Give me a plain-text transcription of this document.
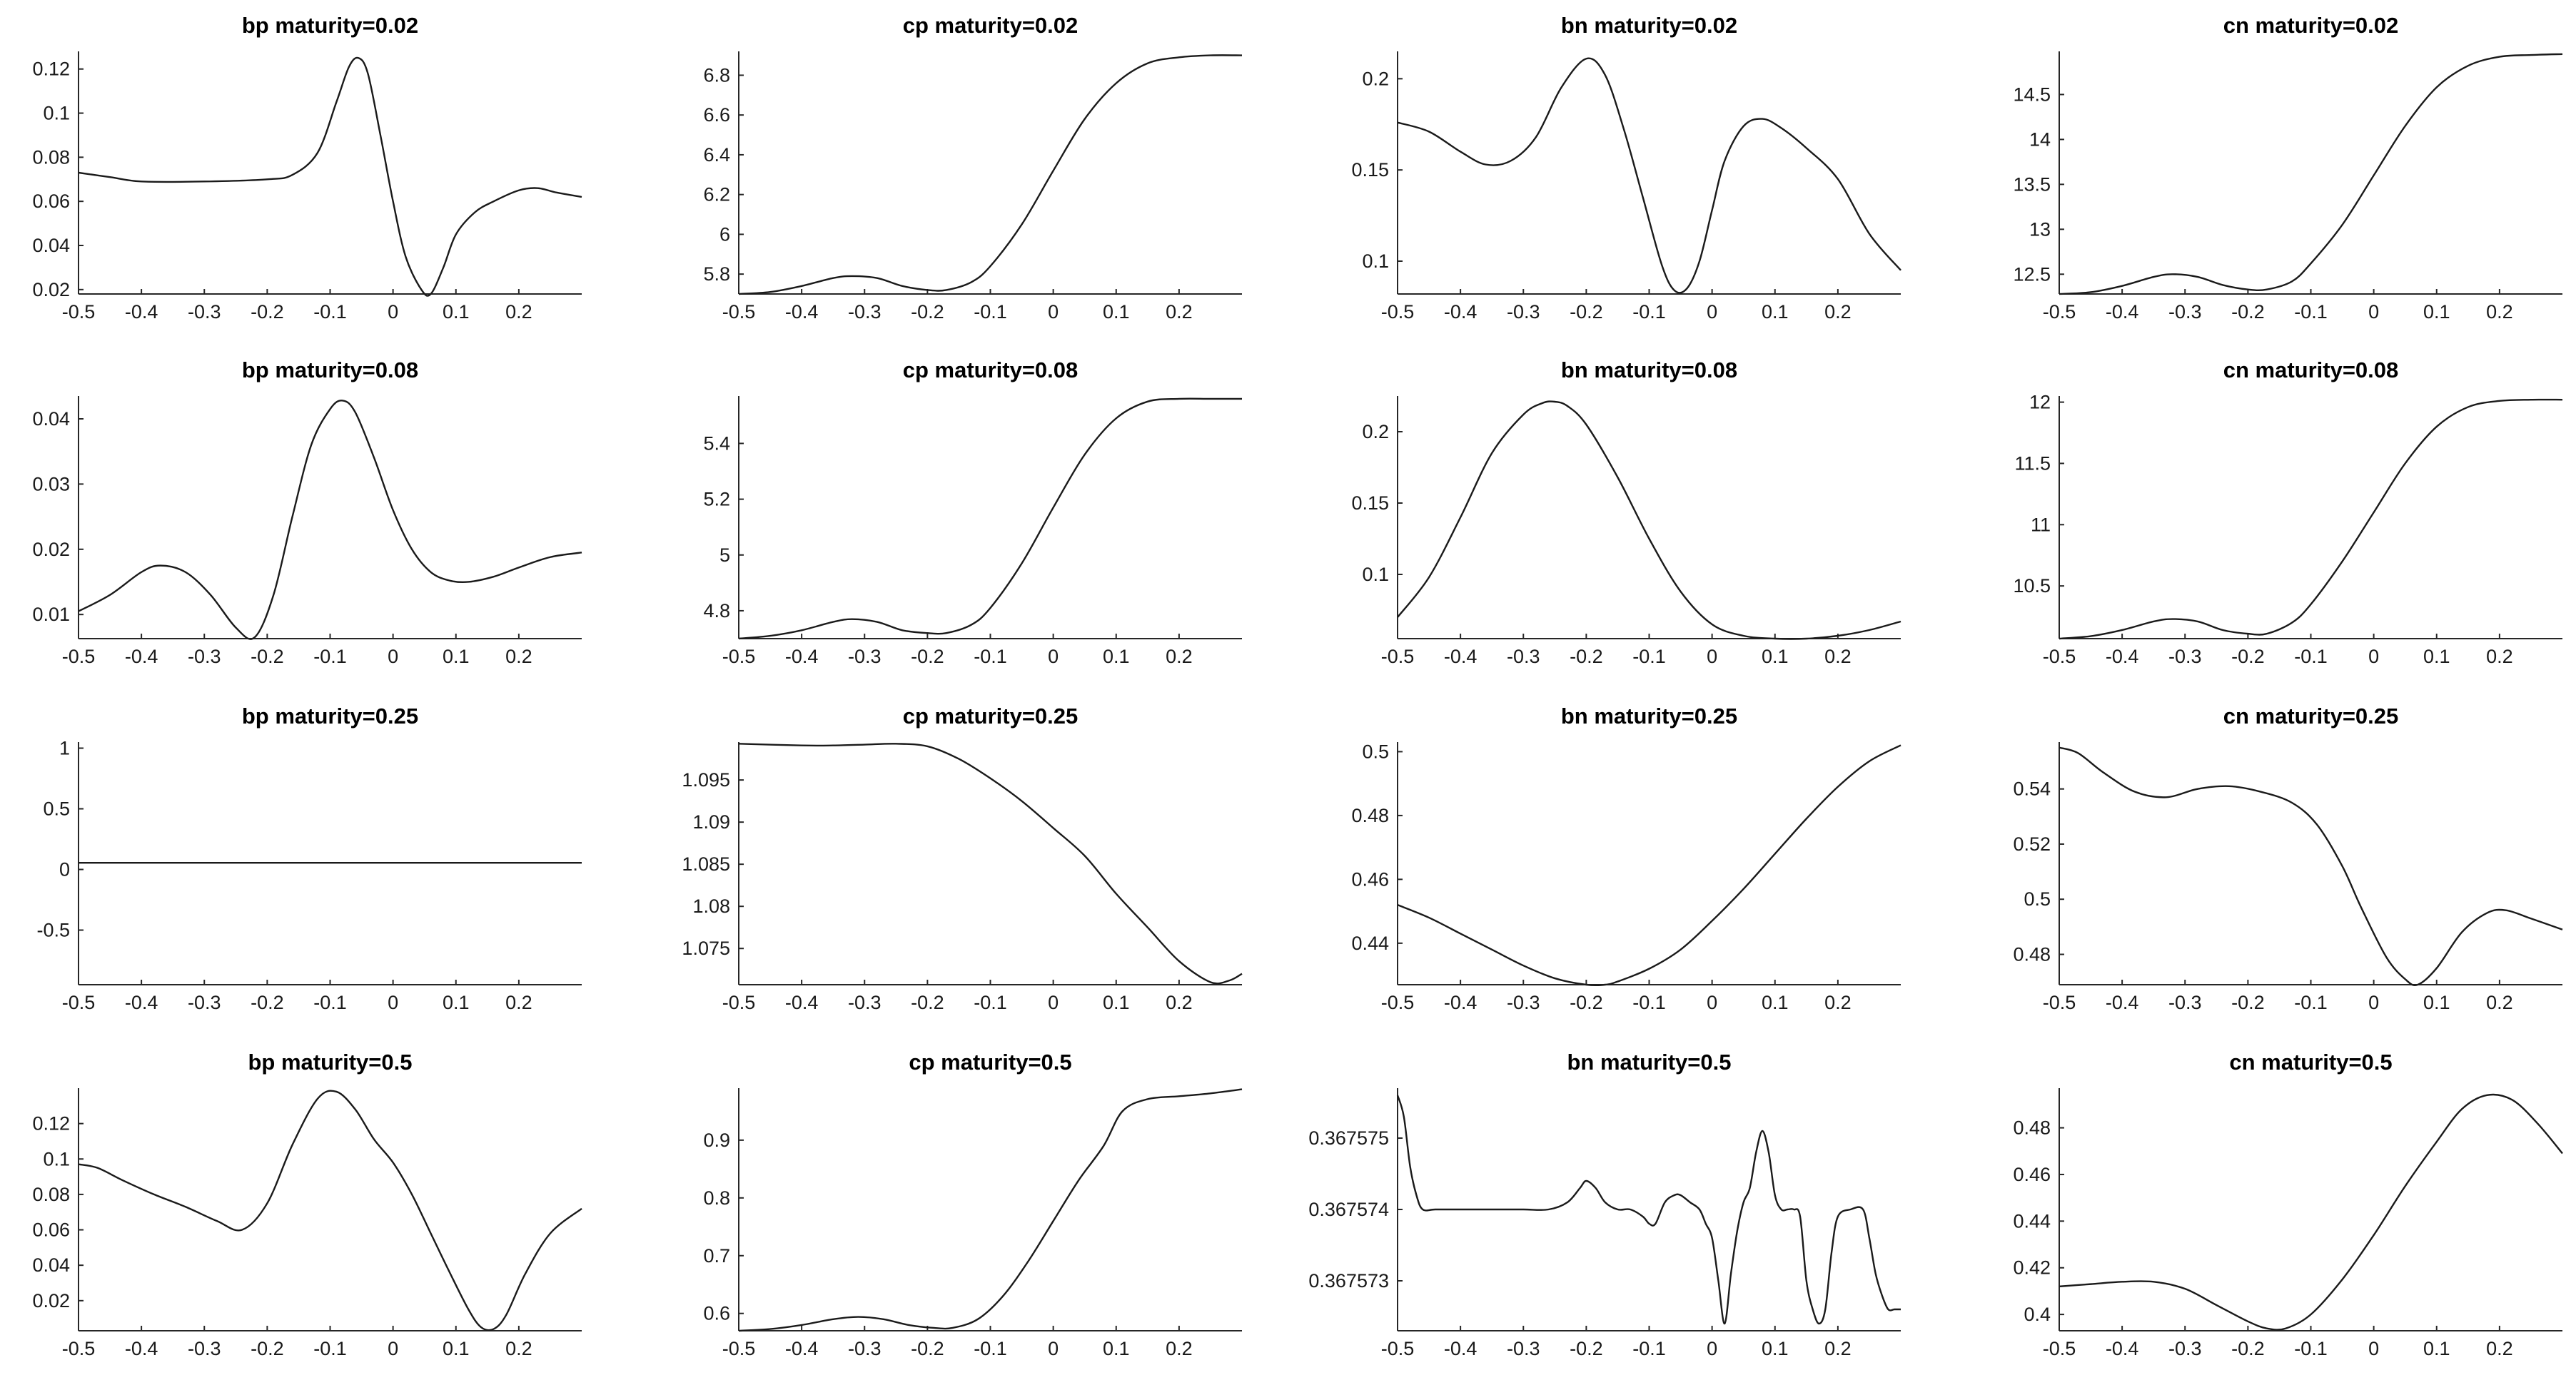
bp maturity=0.02
-0.5 -0.4 -0.3 -0.2 -0.1 0 0.1 0.2
0.02
0.04
0.06
0.08
0.1
0.12
cp maturity=0.02
-0.5 -0.4 -0.3 -0.2 -0.1 0 0.1 0.2
5.8
6
6.2
6.4
6.6
6.8
bn maturity=0.02
-0.5 -0.4 -0.3 -0.2 -0.1 0 0.1 0.2
0.1
0.15
0.2
cn maturity=0.02
-0.5 -0.4 -0.3 -0.2 -0.1 0 0.1 0.2
12.5
13
13.5
14
14.5
bp maturity=0.08
-0.5 -0.4 -0.3 -0.2 -0.1 0 0.1 0.2
0.01
0.02
0.03
0.04
cp maturity=0.08
-0.5 -0.4 -0.3 -0.2 -0.1 0 0.1 0.2
4.8
5
5.2
5.4
bn maturity=0.08
-0.5 -0.4 -0.3 -0.2 -0.1 0 0.1 0.2
0.1
0.15
0.2
cn maturity=0.08
-0.5 -0.4 -0.3 -0.2 -0.1 0 0.1 0.2
10.5
11
11.5
12
bp maturity=0.25
-0.5 -0.4 -0.3 -0.2 -0.1 0 0.1 0.2
-0.5
0
0.5
1
cp maturity=0.25
-0.5 -0.4 -0.3 -0.2 -0.1 0 0.1 0.2
1.075
1.08
1.085
1.09
1.095
bn maturity=0.25
-0.5 -0.4 -0.3 -0.2 -0.1 0 0.1 0.2
0.44
0.46
0.48
0.5
cn maturity=0.25
-0.5 -0.4 -0.3 -0.2 -0.1 0 0.1 0.2
0.48
0.5
0.52
0.54
bp maturity=0.5
-0.5 -0.4 -0.3 -0.2 -0.1 0 0.1 0.2
0.02
0.04
0.06
0.08
0.1
0.12
cp maturity=0.5
-0.5 -0.4 -0.3 -0.2 -0.1 0 0.1 0.2
0.6
0.7
0.8
0.9
bn maturity=0.5
-0.5 -0.4 -0.3 -0.2 -0.1 0 0.1 0.2
0.367573
0.367574
0.367575
cn maturity=0.5
-0.5 -0.4 -0.3 -0.2 -0.1 0 0.1 0.2
0.4
0.42
0.44
0.46
0.48
